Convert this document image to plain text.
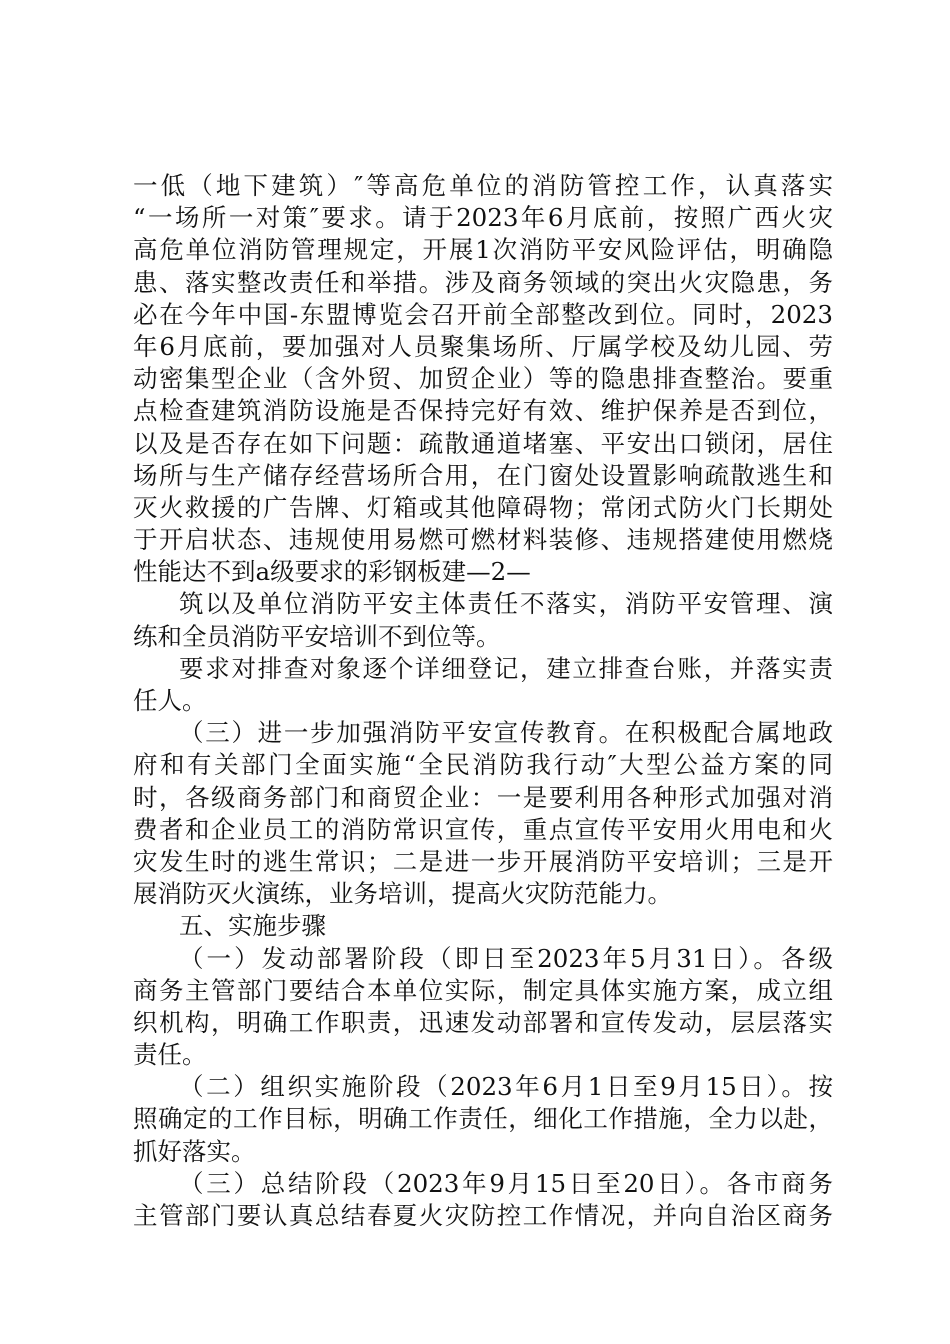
一低（地下建筑）″等高危单位的消防管控工作，认真落实
“一场所一对策″要求。请于2023年6月底前，按照广西火灾
高危单位消防管理规定，开展1次消防平安风险评估，明确隐
患、落实整改责任和举措。涉及商务领域的突出火灾隐患，务
必在今年中国-东盟博览会召开前全部整改到位。同时，2023
年6月底前，要加强对人员聚集场所、厅属学校及幼儿园、劳
动密集型企业（含外贸、加贸企业）等的隐患排查整治。要重
点检查建筑消防设施是否保持完好有效、维护保养是否到位，
以及是否存在如下问题：疏散通道堵塞、平安出口锁闭，居住
场所与生产储存经营场所合用，在门窗处设置影响疏散逃生和
灭火救援的广告牌、灯箱或其他障碍物；常闭式防火门长期处
于开启状态、违规使用易燃可燃材料装修、违规搭建使用燃烧
性能达不到a级要求的彩钢板建—2—
筑以及单位消防平安主体责任不落实，消防平安管理、演
练和全员消防平安培训不到位等。
要求对排查对象逐个详细登记，建立排查台账，并落实责
任人。
（三）进一步加强消防平安宣传教育。在积极配合属地政
府和有关部门全面实施“全民消防我行动″大型公益方案的同
时，各级商务部门和商贸企业：一是要利用各种形式加强对消
费者和企业员工的消防常识宣传，重点宣传平安用火用电和火
灾发生时的逃生常识；二是进一步开展消防平安培训；三是开
展消防灭火演练，业务培训，提高火灾防范能力。
五、实施步骤
（一）发动部署阶段（即日至2023年5月31日）。各级
商务主管部门要结合本单位实际，制定具体实施方案，成立组
织机构，明确工作职责，迅速发动部署和宣传发动，层层落实
责任。
（二）组织实施阶段（2023年6月1日至9月15日）。按
照确定的工作目标，明确工作责任，细化工作措施，全力以赴，
抓好落实。
（三）总结阶段（2023年9月15日至20日）。各市商务
主管部门要认真总结春夏火灾防控工作情况，并向自治区商务
